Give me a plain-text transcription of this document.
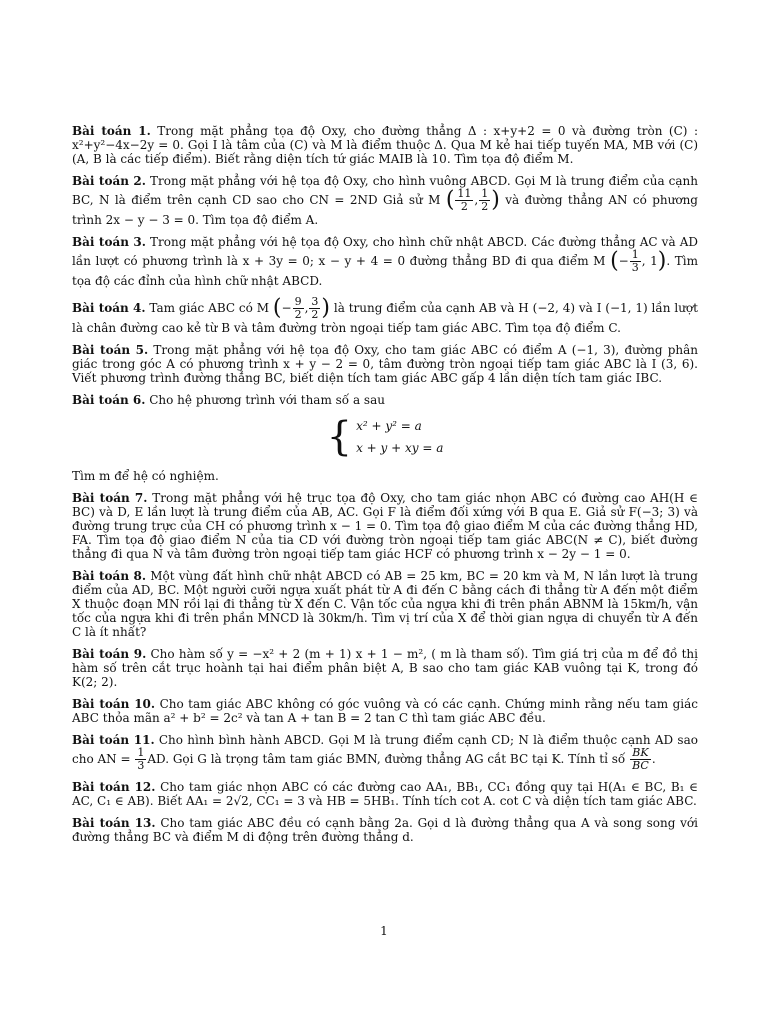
Bài toán 1. Trong mặt phẳng tọa độ Oxy, cho đường thẳng Δ : x+y+2 = 0 và đường tròn (C) : x²+y²−4x−2y = 0. Gọi I là tâm của (C) và M là điểm thuộc Δ. Qua M kẻ hai tiếp tuyến MA, MB với (C) (A, B là các tiếp điểm). Biết rằng diện tích tứ giác MAIB là 10. Tìm tọa độ điểm M.

Bài toán 2. Trong mặt phẳng với hệ tọa độ Oxy, cho hình vuông ABCD. Gọi M là trung điểm của cạnh BC, N là điểm trên cạnh CD sao cho CN = 2ND Giả sử M ( $\frac{11}{2}$ , $\frac{1}{2}$ ) và đường thẳng AN có phương trình 2x − y − 3 = 0. Tìm tọa độ điểm A.

Bài toán 3. Trong mặt phẳng với hệ tọa độ Oxy, cho hình chữ nhật ABCD. Các đường thẳng AC và AD lần lượt có phương trình là x + 3y = 0; x − y + 4 = 0 đường thẳng BD đi qua điểm M (− $\frac{1}{3}$ , 1). Tìm tọa độ các đỉnh của hình chữ nhật ABCD.

Bài toán 4. Tam giác ABC có M (− $\frac{9}{2}$ , $\frac{3}{2}$ ) là trung điểm của cạnh AB và H (−2, 4) và I (−1, 1) lần lượt là chân đường cao kẻ từ B và tâm đường tròn ngoại tiếp tam giác ABC. Tìm tọa độ điểm C.

Bài toán 5. Trong mặt phẳng với hệ tọa độ Oxy, cho tam giác ABC có điểm A (−1, 3), đường phân giác trong góc A có phương trình x + y − 2 = 0, tâm đường tròn ngoại tiếp tam giác ABC là I (3, 6). Viết phương trình đường thẳng BC, biết diện tích tam giác ABC gấp 4 lần diện tích tam giác IBC.

Bài toán 6. Cho hệ phương trình với tham số a sau
{ x² + y² = a
x + y + xy = a
Tìm m để hệ có nghiệm.

Bài toán 7. Trong mặt phẳng với hệ trục tọa độ Oxy, cho tam giác nhọn ABC có đường cao AH(H ∈ BC) và D, E lần lượt là trung điểm của AB, AC. Gọi F là điểm đối xứng với B qua E. Giả sử F(−3; 3) và đường trung trực của CH có phương trình x − 1 = 0. Tìm tọa độ giao điểm M của các đường thẳng HD, FA. Tìm tọa độ giao điểm N của tia CD với đường tròn ngoại tiếp tam giác ABC(N ≠ C), biết đường thẳng đi qua N và tâm đường tròn ngoại tiếp tam giác HCF có phương trình x − 2y − 1 = 0.

Bài toán 8. Một vùng đất hình chữ nhật ABCD có AB = 25 km, BC = 20 km và M, N lần lượt là trung điểm của AD, BC. Một người cưỡi ngựa xuất phát từ A đi đến C bằng cách đi thẳng từ A đến một điểm X thuộc đoạn MN rồi lại đi thẳng từ X đến C. Vận tốc của ngựa khi đi trên phần ABNM là 15km/h, vận tốc của ngựa khi đi trên phần MNCD là 30km/h. Tìm vị trí của X để thời gian ngựa di chuyển từ A đến C là ít nhất?

Bài toán 9. Cho hàm số y = −x² + 2 (m + 1) x + 1 − m², ( m là tham số). Tìm giá trị của m để đồ thị hàm số trên cắt trục hoành tại hai điểm phân biệt A, B sao cho tam giác KAB vuông tại K, trong đó K(2; 2).

Bài toán 10. Cho tam giác ABC không có góc vuông và có các cạnh. Chứng minh rằng nếu tam giác ABC thỏa mãn a² + b² = 2c² và tan A + tan B = 2 tan C thì tam giác ABC đều.

Bài toán 11. Cho hình bình hành ABCD. Gọi M là trung điểm cạnh CD; N là điểm thuộc cạnh AD sao cho AN = $\frac{1}{3}$ AD. Gọi G là trọng tâm tam giác BMN, đường thẳng AG cắt BC tại K. Tính tỉ số $\frac{BK}{BC}$ .

Bài toán 12. Cho tam giác nhọn ABC có các đường cao AA₁, BB₁, CC₁ đồng quy tại H(A₁ ∈ BC, B₁ ∈ AC, C₁ ∈ AB). Biết AA₁ = 2√2, CC₁ = 3 và HB = 5HB₁. Tính tích cot A. cot C và diện tích tam giác ABC.

Bài toán 13. Cho tam giác ABC đều có cạnh bằng 2a. Gọi d là đường thẳng qua A và song song với đường thẳng BC và điểm M di động trên đường thẳng d.

1
